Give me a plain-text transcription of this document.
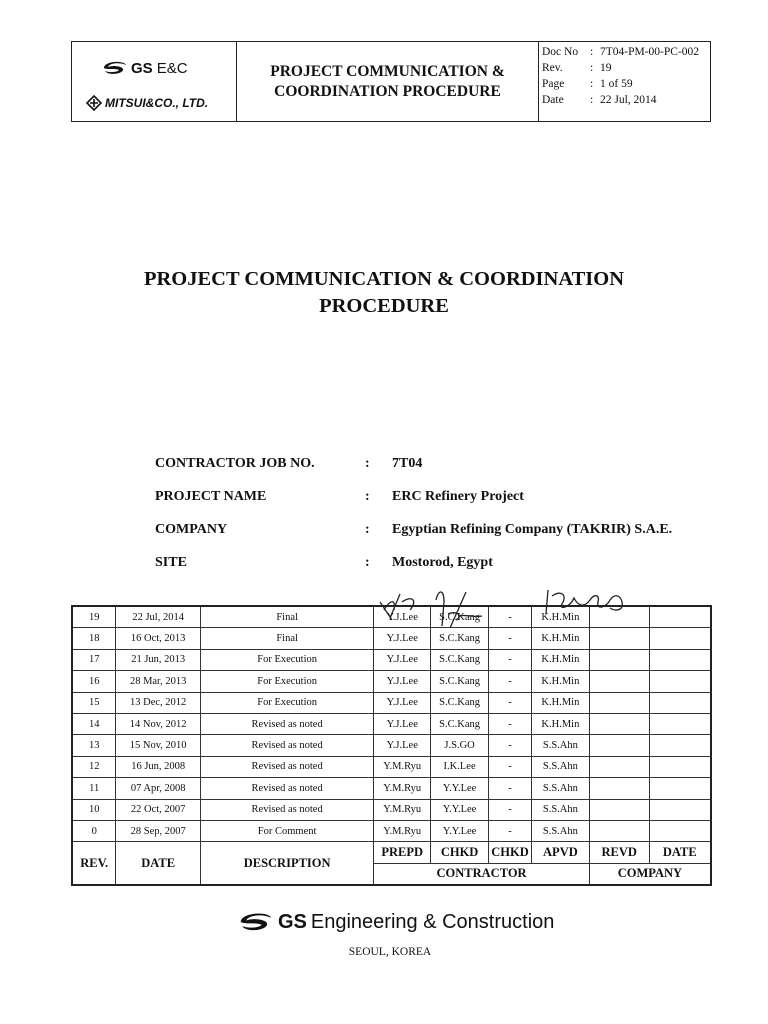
GS E&C
MITSUI&CO., LTD.
PROJECT COMMUNICATION &
COORDINATION PROCEDURE
Doc No	: 7T04-PM-00-PC-002
Rev.	: 19
Page	: 1 of 59
Date	: 22 Jul, 2014
PROJECT COMMUNICATION & COORDINATION
PROCEDURE
CONTRACTOR JOB NO.	:	7T04
PROJECT NAME	:	ERC Refinery Project
COMPANY	:	Egyptian Refining Company (TAKRIR) S.A.E.
SITE	:	Mostorod, Egypt
19	22 Jul, 2014	Final	Y.J.Lee	S.C.Kang	-	K.H.Min		
18	16 Oct, 2013	Final	Y.J.Lee	S.C.Kang	-	K.H.Min		
17	21 Jun, 2013	For Execution	Y.J.Lee	S.C.Kang	-	K.H.Min		
16	28 Mar, 2013	For Execution	Y.J.Lee	S.C.Kang	-	K.H.Min		
15	13 Dec, 2012	For Execution	Y.J.Lee	S.C.Kang	-	K.H.Min		
14	14 Nov, 2012	Revised as noted	Y.J.Lee	S.C.Kang	-	K.H.Min		
13	15 Nov, 2010	Revised as noted	Y.J.Lee	J.S.GO	-	S.S.Ahn		
12	16 Jun, 2008	Revised as noted	Y.M.Ryu	I.K.Lee	-	S.S.Ahn		
11	07 Apr, 2008	Revised as noted	Y.M.Ryu	Y.Y.Lee	-	S.S.Ahn		
10	22 Oct, 2007	Revised as noted	Y.M.Ryu	Y.Y.Lee	-	S.S.Ahn		
0	28 Sep, 2007	For Comment	Y.M.Ryu	Y.Y.Lee	-	S.S.Ahn		
REV.	DATE	DESCRIPTION	PREPD	CHKD	CHKD	APVD	REVD	DATE
			CONTRACTOR				COMPANY	
GS Engineering & Construction
SEOUL, KOREA
